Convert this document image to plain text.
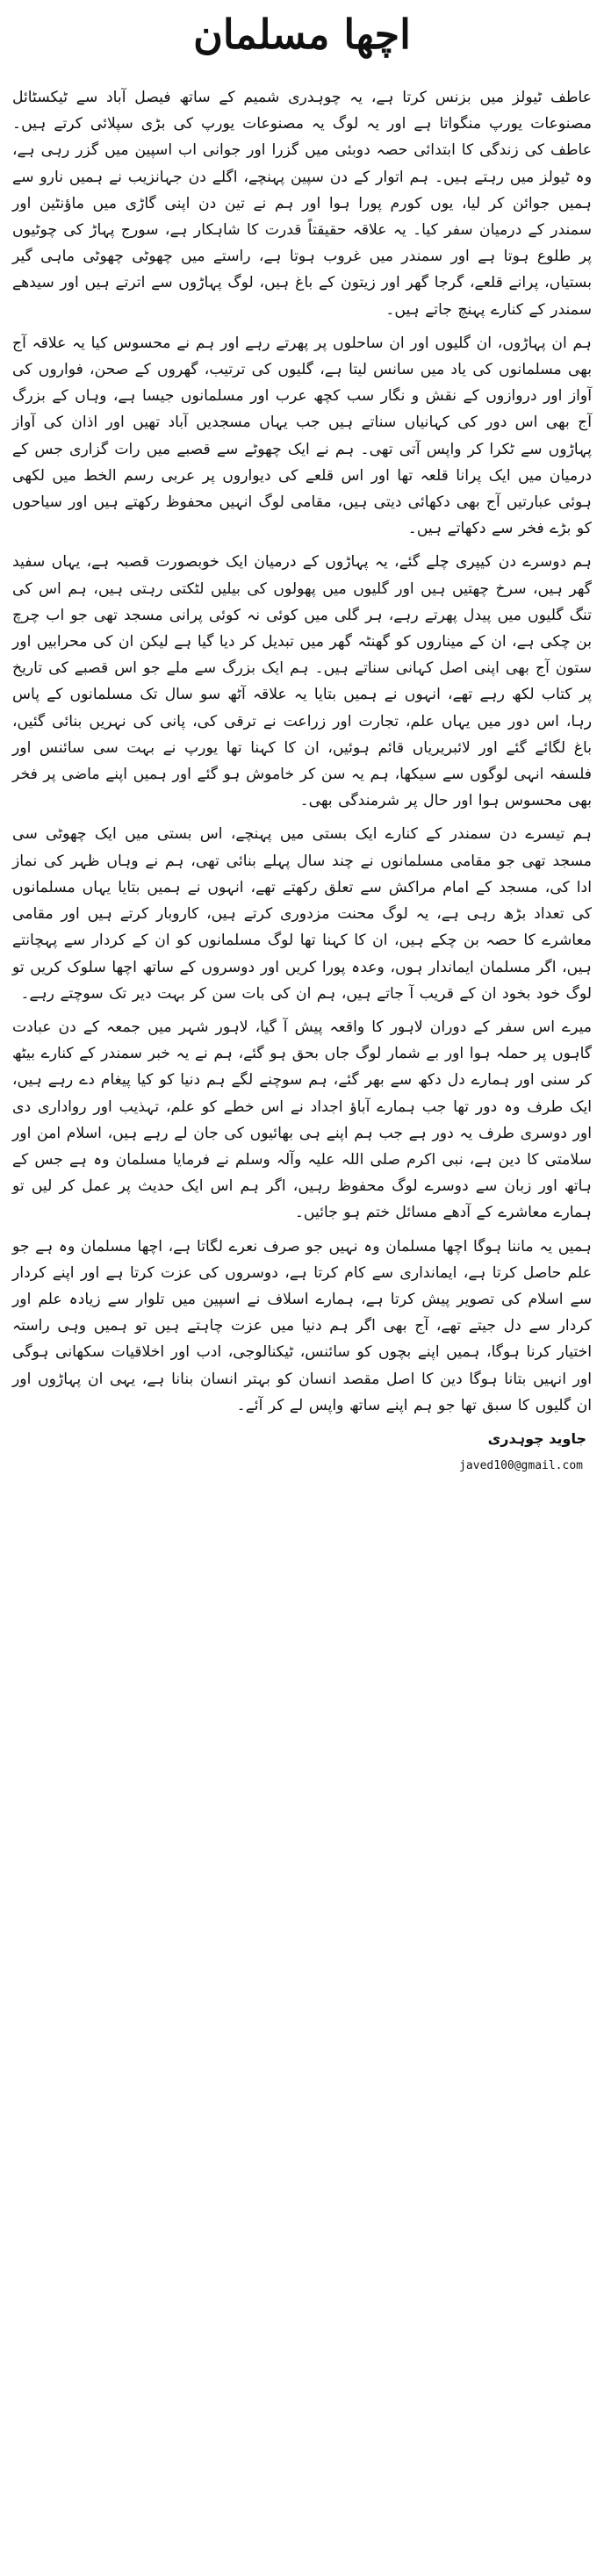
اچھا مسلمان

عاطف ٹیولز میں بزنس کرتا ہے، یہ چوہدری شمیم کے ساتھ فیصل آباد سے ٹیکسٹائل مصنوعات یورپ منگواتا ہے اور یہ لوگ یہ مصنوعات یورپ کی بڑی سپلائی کرتے ہیں۔ عاطف کی زندگی کا ابتدائی حصہ دوبئی میں گزرا اور جوانی اب اسپین میں گزر رہی ہے، وہ ٹیولز میں رہتے ہیں۔ ہم اتوار کے دن سپین پہنچے، اگلے دن جہانزیب نے ہمیں نارو سے ہمیں جوائن کر لیا، یوں کورم پورا ہوا اور ہم نے تین دن اپنی گاڑی میں ماؤنٹین اور سمندر کے درمیان سفر کیا۔ یہ علاقہ حقیقتاً قدرت کا شاہکار ہے، سورج پہاڑ کی چوٹیوں پر طلوع ہوتا ہے اور سمندر میں غروب ہوتا ہے، راستے میں چھوٹی چھوٹی ماہی گیر بستیاں، پرانے قلعے، گرجا گھر اور زیتون کے باغ ہیں، لوگ پہاڑوں سے اترتے ہیں اور سیدھے سمندر کے کنارے پہنچ جاتے ہیں۔

ہم ان پہاڑوں، ان گلیوں اور ان ساحلوں پر پھرتے رہے اور ہم نے محسوس کیا یہ علاقہ آج بھی مسلمانوں کی یاد میں سانس لیتا ہے، گلیوں کی ترتیب، گھروں کے صحن، فواروں کی آواز اور دروازوں کے نقش و نگار سب کچھ عرب اور مسلمانوں جیسا ہے، وہاں کے بزرگ آج بھی اس دور کی کہانیاں سناتے ہیں جب یہاں مسجدیں آباد تھیں اور اذان کی آواز پہاڑوں سے ٹکرا کر واپس آتی تھی۔ ہم نے ایک چھوٹے سے قصبے میں رات گزاری جس کے درمیان میں ایک پرانا قلعہ تھا اور اس قلعے کی دیواروں پر عربی رسم الخط میں لکھی ہوئی عبارتیں آج بھی دکھائی دیتی ہیں، مقامی لوگ انہیں محفوظ رکھتے ہیں اور سیاحوں کو بڑے فخر سے دکھاتے ہیں۔

ہم دوسرے دن کیپری چلے گئے، یہ پہاڑوں کے درمیان ایک خوبصورت قصبہ ہے، یہاں سفید گھر ہیں، سرخ چھتیں ہیں اور گلیوں میں پھولوں کی بیلیں لٹکتی رہتی ہیں، ہم اس کی تنگ گلیوں میں پیدل پھرتے رہے، ہر گلی میں کوئی نہ کوئی پرانی مسجد تھی جو اب چرچ بن چکی ہے، ان کے میناروں کو گھنٹہ گھر میں تبدیل کر دیا گیا ہے لیکن ان کی محرابیں اور ستون آج بھی اپنی اصل کہانی سناتے ہیں۔ ہم ایک بزرگ سے ملے جو اس قصبے کی تاریخ پر کتاب لکھ رہے تھے، انہوں نے ہمیں بتایا یہ علاقہ آٹھ سو سال تک مسلمانوں کے پاس رہا، اس دور میں یہاں علم، تجارت اور زراعت نے ترقی کی، پانی کی نہریں بنائی گئیں، باغ لگائے گئے اور لائبریریاں قائم ہوئیں، ان کا کہنا تھا یورپ نے بہت سی سائنس اور فلسفہ انہی لوگوں سے سیکھا، ہم یہ سن کر خاموش ہو گئے اور ہمیں اپنے ماضی پر فخر بھی محسوس ہوا اور حال پر شرمندگی بھی۔

ہم تیسرے دن سمندر کے کنارے ایک بستی میں پہنچے، اس بستی میں ایک چھوٹی سی مسجد تھی جو مقامی مسلمانوں نے چند سال پہلے بنائی تھی، ہم نے وہاں ظہر کی نماز ادا کی، مسجد کے امام مراکش سے تعلق رکھتے تھے، انہوں نے ہمیں بتایا یہاں مسلمانوں کی تعداد بڑھ رہی ہے، یہ لوگ محنت مزدوری کرتے ہیں، کاروبار کرتے ہیں اور مقامی معاشرے کا حصہ بن چکے ہیں، ان کا کہنا تھا لوگ مسلمانوں کو ان کے کردار سے پہچانتے ہیں، اگر مسلمان ایماندار ہوں، وعدہ پورا کریں اور دوسروں کے ساتھ اچھا سلوک کریں تو لوگ خود بخود ان کے قریب آ جاتے ہیں، ہم ان کی بات سن کر بہت دیر تک سوچتے رہے۔

میرے اس سفر کے دوران لاہور کا واقعہ پیش آ گیا، لاہور شہر میں جمعہ کے دن عبادت گاہوں پر حملہ ہوا اور بے شمار لوگ جاں بحق ہو گئے، ہم نے یہ خبر سمندر کے کنارے بیٹھ کر سنی اور ہمارے دل دکھ سے بھر گئے، ہم سوچنے لگے ہم دنیا کو کیا پیغام دے رہے ہیں، ایک طرف وہ دور تھا جب ہمارے آباؤ اجداد نے اس خطے کو علم، تہذیب اور رواداری دی اور دوسری طرف یہ دور ہے جب ہم اپنے ہی بھائیوں کی جان لے رہے ہیں، اسلام امن اور سلامتی کا دین ہے، نبی اکرم صلی اللہ علیہ وآلہ وسلم نے فرمایا مسلمان وہ ہے جس کے ہاتھ اور زبان سے دوسرے لوگ محفوظ رہیں، اگر ہم اس ایک حدیث پر عمل کر لیں تو ہمارے معاشرے کے آدھے مسائل ختم ہو جائیں۔

ہمیں یہ ماننا ہوگا اچھا مسلمان وہ نہیں جو صرف نعرے لگاتا ہے، اچھا مسلمان وہ ہے جو علم حاصل کرتا ہے، ایمانداری سے کام کرتا ہے، دوسروں کی عزت کرتا ہے اور اپنے کردار سے اسلام کی تصویر پیش کرتا ہے، ہمارے اسلاف نے اسپین میں تلوار سے زیادہ علم اور کردار سے دل جیتے تھے، آج بھی اگر ہم دنیا میں عزت چاہتے ہیں تو ہمیں وہی راستہ اختیار کرنا ہوگا، ہمیں اپنے بچوں کو سائنس، ٹیکنالوجی، ادب اور اخلاقیات سکھانی ہوگی اور انہیں بتانا ہوگا دین کا اصل مقصد انسان کو بہتر انسان بنانا ہے، یہی ان پہاڑوں اور ان گلیوں کا سبق تھا جو ہم اپنے ساتھ واپس لے کر آئے۔

جاوید چوہدری
javed100@gmail.com
